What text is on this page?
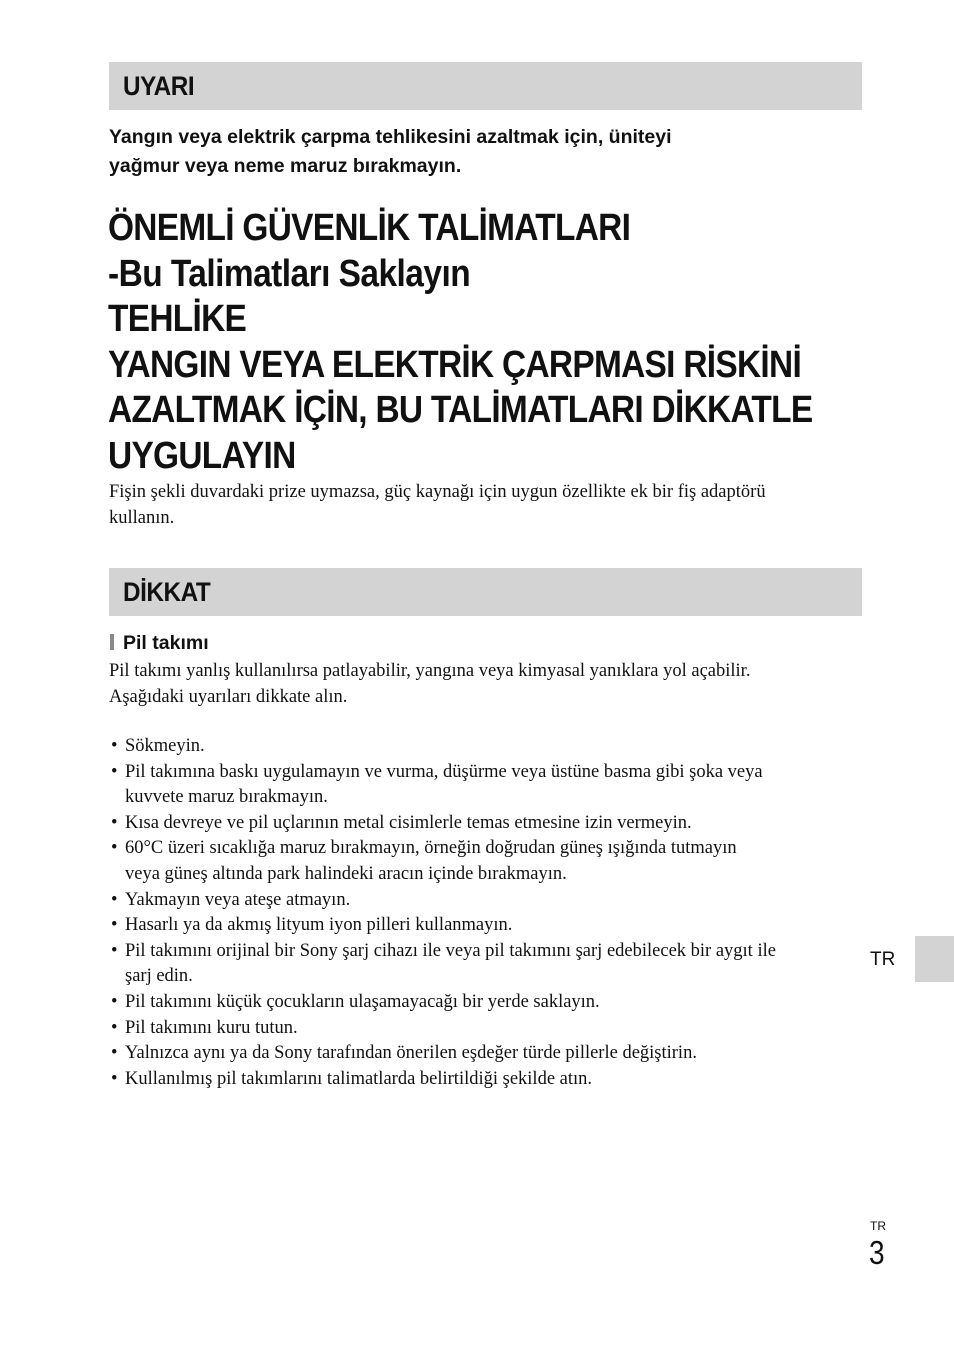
UYARI
Yangın veya elektrik çarpma tehlikesini azaltmak için, üniteyi
yağmur veya neme maruz bırakmayın.
ÖNEMLİ GÜVENLİK TALİMATLARI
-Bu Talimatları Saklayın
TEHLİKE
YANGIN VEYA ELEKTRİK ÇARPMASI RİSKİNİ
AZALTMAK İÇİN, BU TALİMATLARI DİKKATLE
UYGULAYIN
Fişin şekli duvardaki prize uymazsa, güç kaynağı için uygun özellikte ek bir fiş adaptörü
kullanın.
DİKKAT
Pil takımı
Pil takımı yanlış kullanılırsa patlayabilir, yangına veya kimyasal yanıklara yol açabilir.
Aşağıdaki uyarıları dikkate alın.
• Sökmeyin.
• Pil takımına baskı uygulamayın ve vurma, düşürme veya üstüne basma gibi şoka veya
kuvvete maruz bırakmayın.
• Kısa devreye ve pil uçlarının metal cisimlerle temas etmesine izin vermeyin.
• 60°C üzeri sıcaklığa maruz bırakmayın, örneğin doğrudan güneş ışığında tutmayın
veya güneş altında park halindeki aracın içinde bırakmayın.
• Yakmayın veya ateşe atmayın.
• Hasarlı ya da akmış lityum iyon pilleri kullanmayın.
• Pil takımını orijinal bir Sony şarj cihazı ile veya pil takımını şarj edebilecek bir aygıt ile
şarj edin.
• Pil takımını küçük çocukların ulaşamayacağı bir yerde saklayın.
• Pil takımını kuru tutun.
• Yalnızca aynı ya da Sony tarafından önerilen eşdeğer türde pillerle değiştirin.
• Kullanılmış pil takımlarını talimatlarda belirtildiği şekilde atın.
TR
TR
3
